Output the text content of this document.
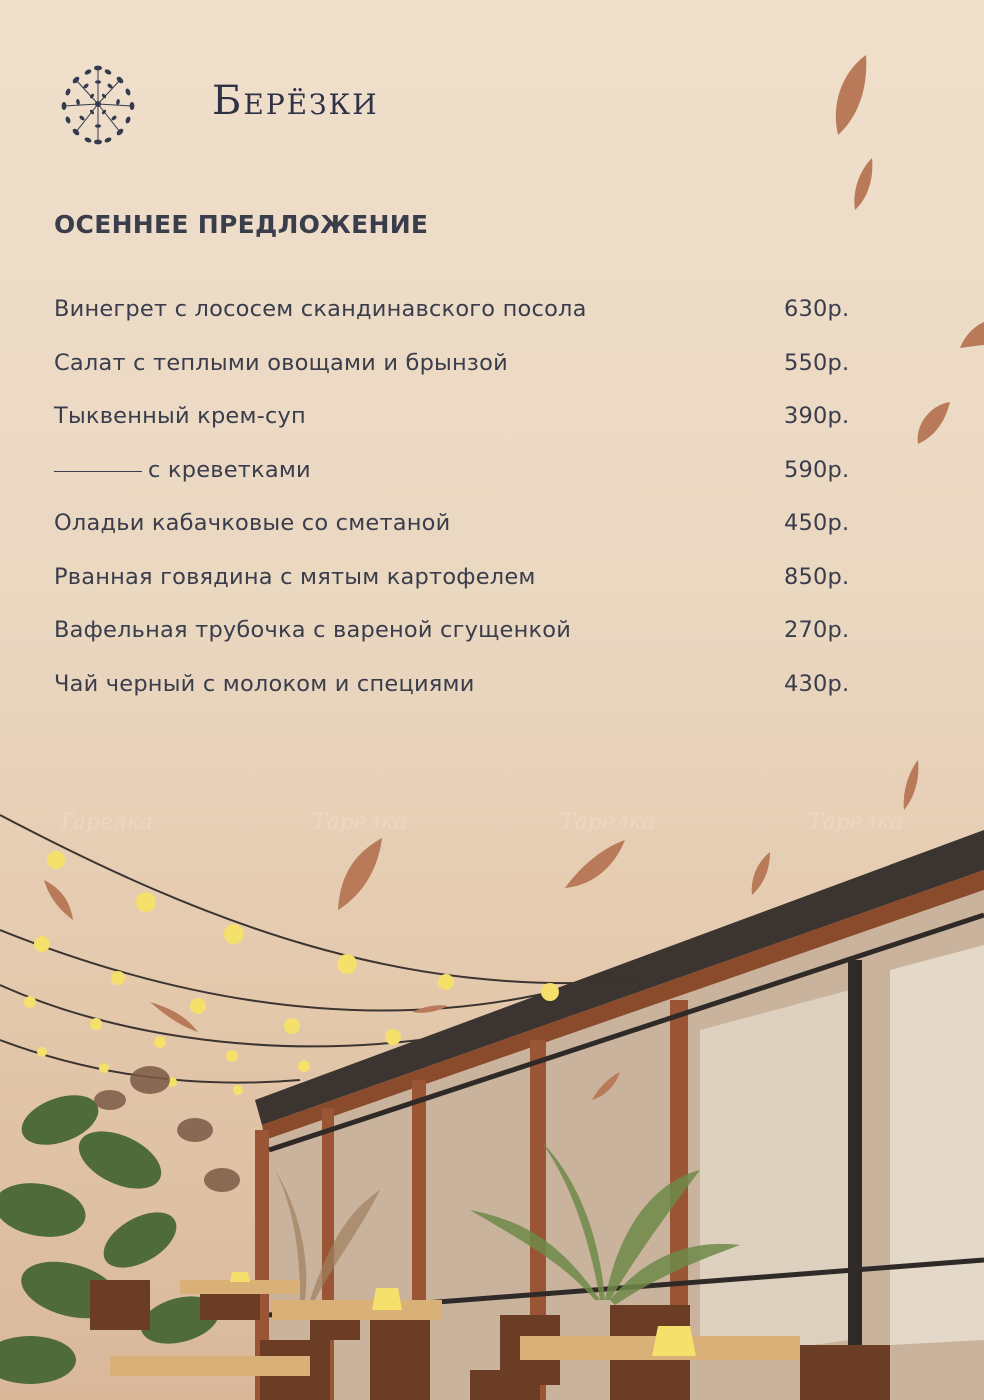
Берёзки
ОСЕННЕЕ ПРЕДЛОЖЕНИЕ
Винегрет с лососем скандинавского посола	630р.
Салат с теплыми овощами и брынзой	550р.
Тыквенный крем-суп	390р.
с креветками	590р.
Оладьи кабачковые со сметаной	450р.
Рванная говядина с мятым картофелем	850р.
Вафельная трубочка с вареной сгущенкой	270р.
Чай черный с молоком и специями	430р.
Тарелка	Тарелка	Тарелка	Тарелка
